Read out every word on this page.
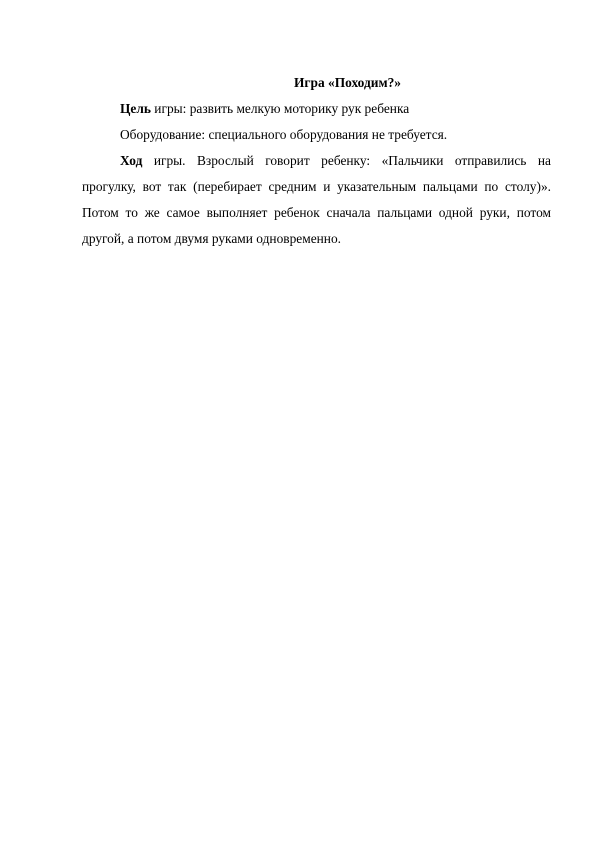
Игра «Походим?»

Цель игры: развить мелкую моторику рук ребенка

Оборудование: специального оборудования не требуется.

Ход игры. Взрослый говорит ребенку: «Пальчики отправились на прогулку, вот так (перебирает средним и указательным пальцами по столу)». Потом то же самое выполняет ребенок сначала пальцами одной руки, потом другой, а потом двумя руками одновременно.
